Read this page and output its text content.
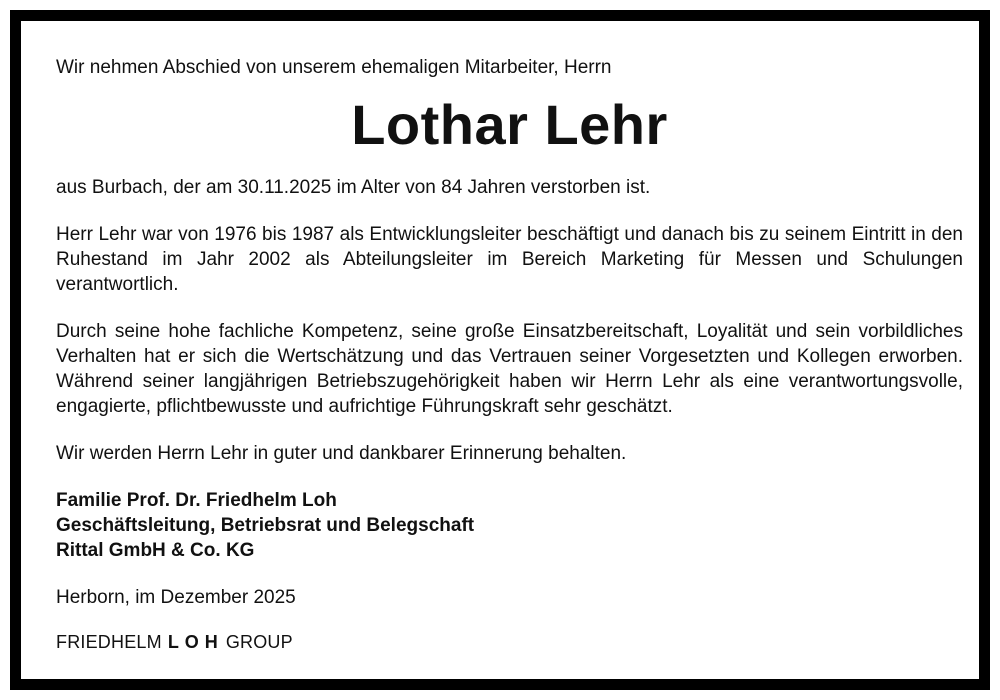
Wir nehmen Abschied von unserem ehemaligen Mitarbeiter, Herrn

Lothar Lehr

aus Burbach, der am 30.11.2025 im Alter von 84 Jahren verstorben ist.

Herr Lehr war von 1976 bis 1987 als Entwicklungsleiter beschäftigt und danach bis zu seinem Eintritt in den Ruhestand im Jahr 2002 als Abteilungsleiter im Bereich Marketing für Messen und Schulungen verantwortlich.

Durch seine hohe fachliche Kompetenz, seine große Einsatzbereitschaft, Loyalität und sein vorbildliches Verhalten hat er sich die Wertschätzung und das Vertrauen seiner Vorgesetzten und Kollegen erworben. Während seiner langjährigen Betriebszugehörigkeit haben wir Herrn Lehr als eine verantwortungsvolle, engagierte, pflichtbewusste und aufrichtige Führungskraft sehr geschätzt.

Wir werden Herrn Lehr in guter und dankbarer Erinnerung behalten.

Familie Prof. Dr. Friedhelm Loh
Geschäftsleitung, Betriebsrat und Belegschaft
Rittal GmbH & Co. KG

Herborn, im Dezember 2025

FRIEDHELM LOH GROUP
